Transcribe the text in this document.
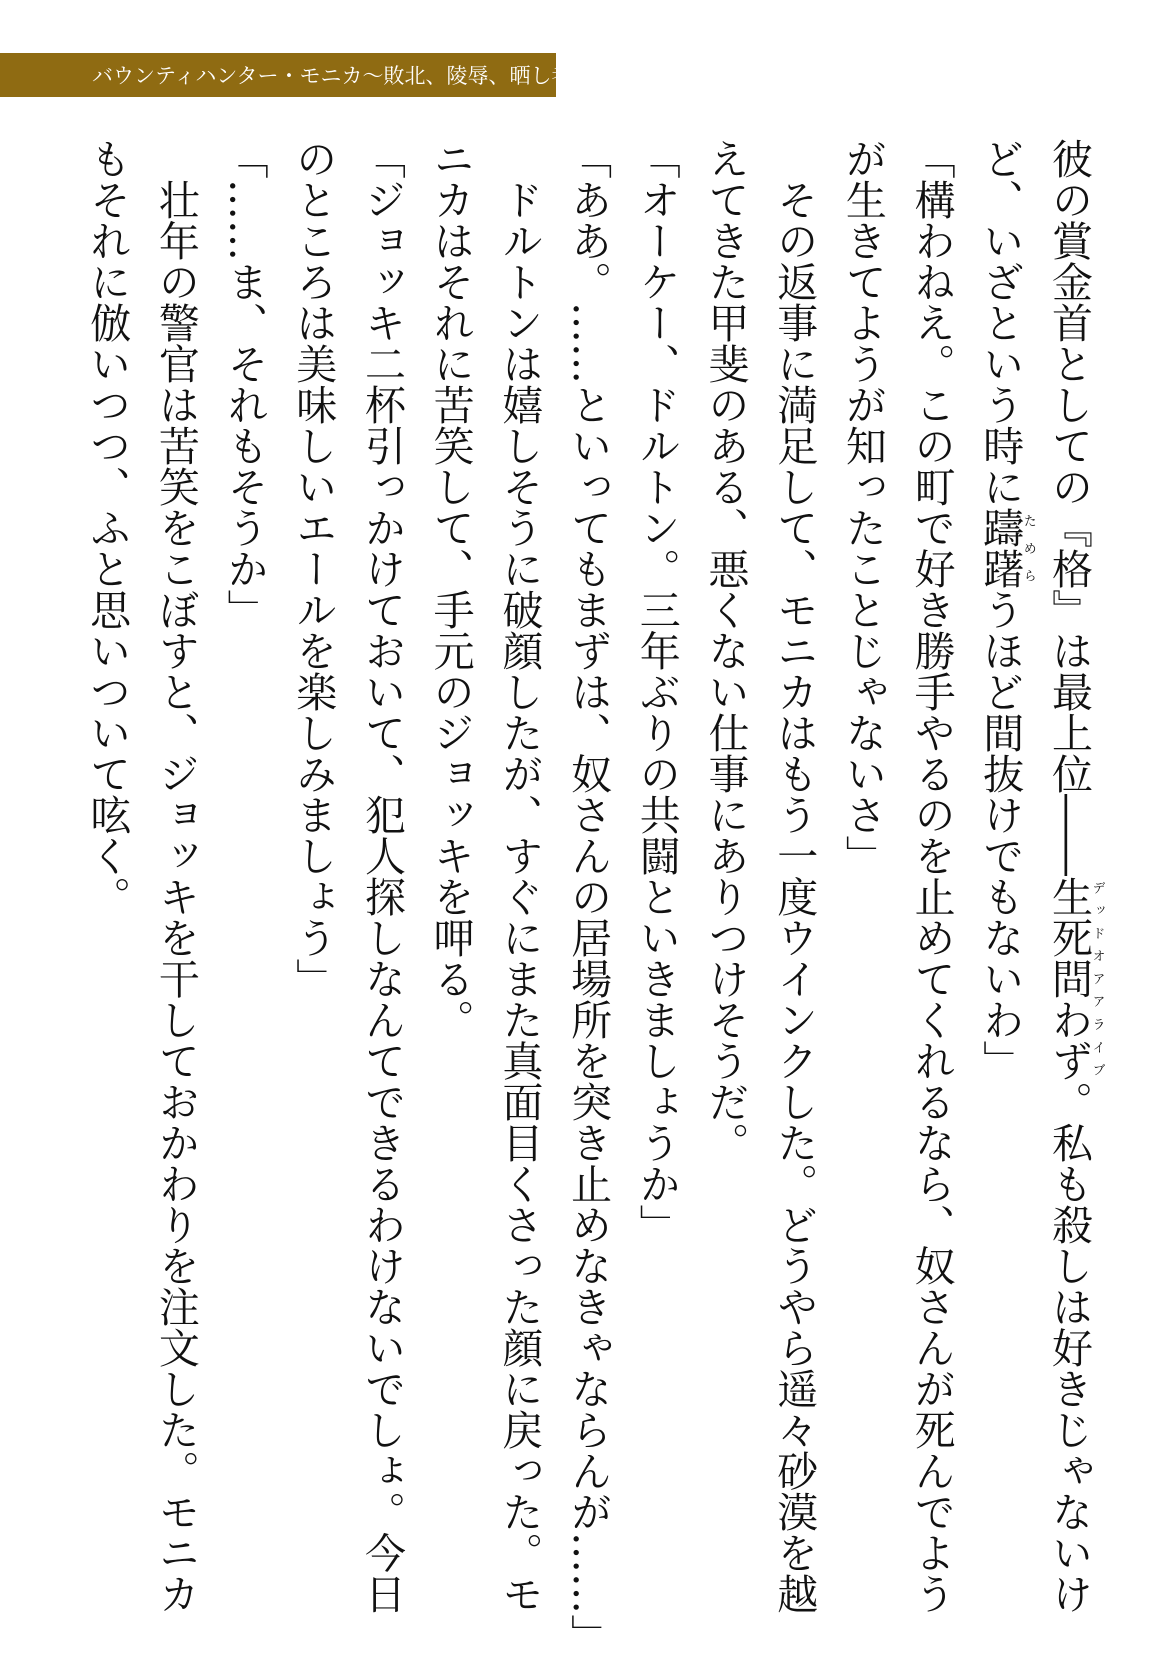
バウンティハンター・モニカ〜敗北、陵辱、晒し者〜
彼の賞金首としての『格』は最上位――生死問わずデッドオアアライブ。私も殺しは好きじゃないけど、いざという時に躊躇ためらうほど間抜けでもないわ」
「構わねえ。この町で好き勝手やるのを止めてくれるなら、奴さんが死んでようが生きてようが知ったことじゃないさ」
　その返事に満足して、モニカはもう一度ウインクした。どうやら遥々砂漠を越えてきた甲斐のある、悪くない仕事にありつけそうだ。
「オーケー、ドルトン。三年ぶりの共闘といきましょうか」
「ああ。……といってもまずは、奴さんの居場所を突き止めなきゃならんが……」
　ドルトンは嬉しそうに破顔したが、すぐにまた真面目くさった顔に戻った。モニカはそれに苦笑して、手元のジョッキを呷る。
「ジョッキ二杯引っかけておいて、犯人探しなんてできるわけないでしょ。今日のところは美味しいエールを楽しみましょう」
「……ま、それもそうか」
　壮年の警官は苦笑をこぼすと、ジョッキを干しておかわりを注文した。モニカもそれに倣いつつ、ふと思いついて呟く。
